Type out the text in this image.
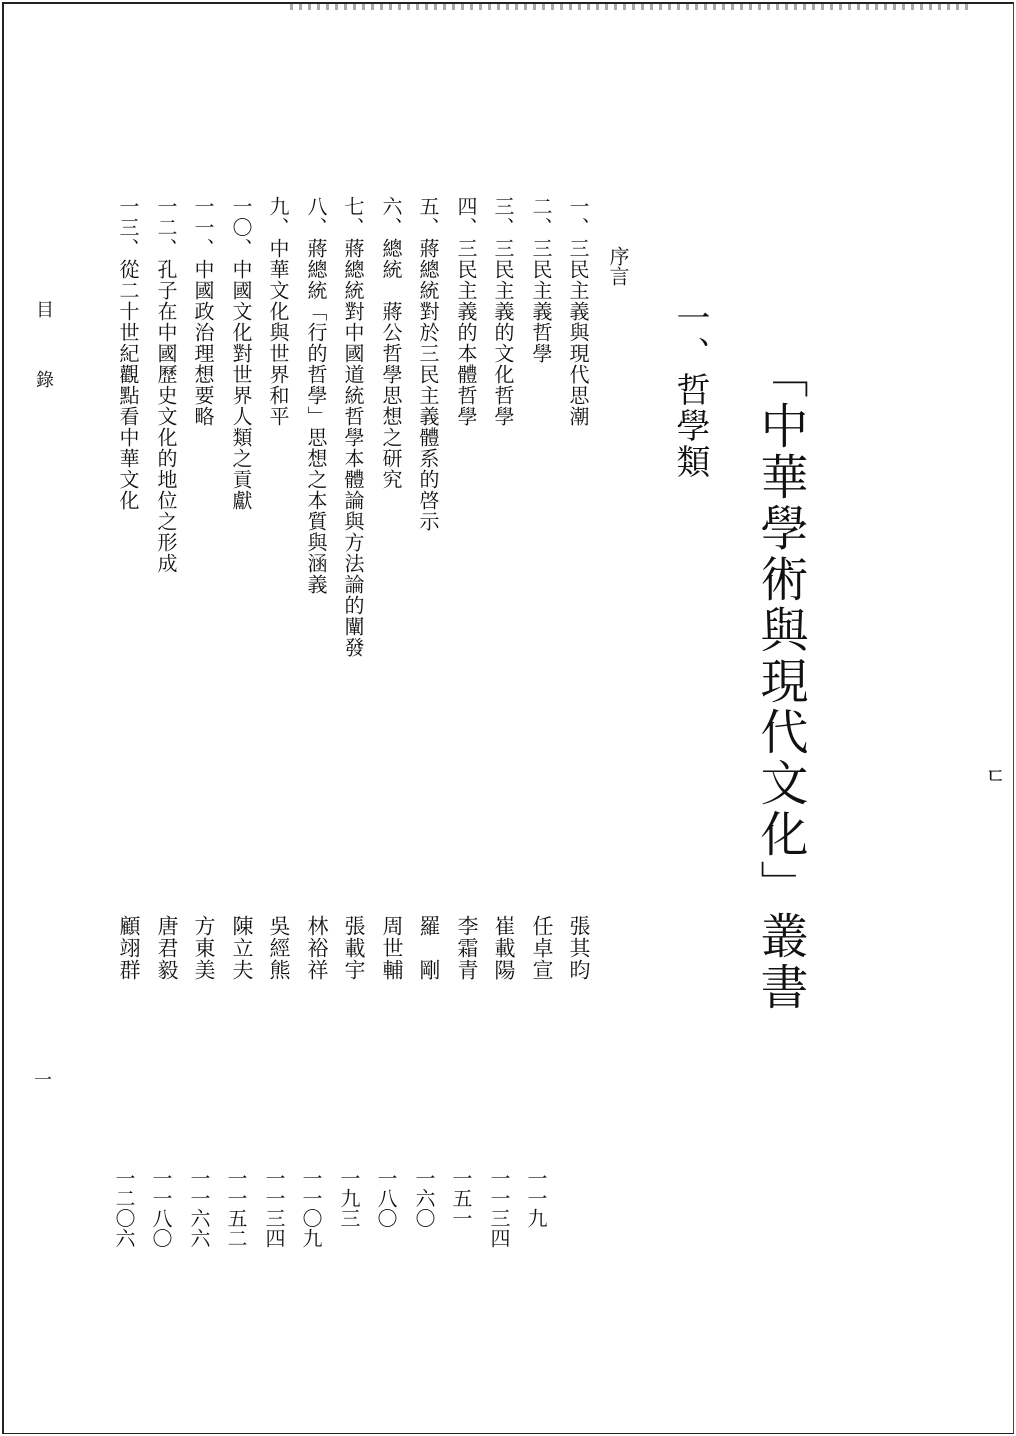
「中華學術與現代文化」叢書
一、哲學類
序言
一、三民主義與現代思潮
張其昀
一一九
二、三民主義哲學
任卓宣
一一三四
三、三民主義的文化哲學
崔載陽
一五一
四、三民主義的本體哲學
李霜青
一六〇
五、蔣總統對於三民主義體系的啓示
羅　剛
一八〇
六、總統　蔣公哲學思想之研究
周世輔
一九三
七、蔣總統對中國道統哲學本體論與方法論的闡發
張載宇
一一〇九
八、蔣總統「行的哲學」思想之本質與涵義
林裕祥
一一三四
九、中華文化與世界和平
吳經熊
一一五二
一〇、中國文化對世界人類之貢獻
陳立夫
一一六六
一一、中國政治理想要略
方東美
一一八〇
一二、孔子在中國歷史文化的地位之形成
唐君毅
一二〇六
一三、從二十世紀觀點看中華文化
顧翊群
目
錄
一
ㄷ
